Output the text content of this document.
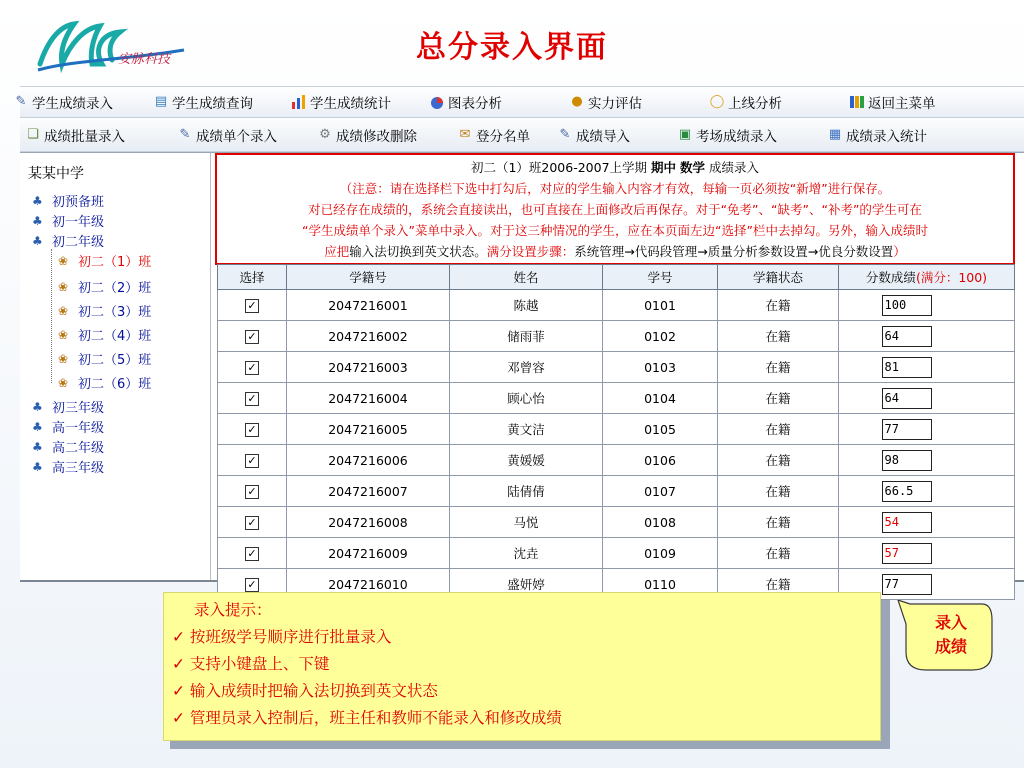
安脉科技	总分录入界面
✎ 学生成绩录入	▤ 学生成绩查询	学生成绩统计	图表分析	● 实力评估	◯ 上线分析	返回主菜单
❏ 成绩批量录入	✎ 成绩单个录入	⚙ 成绩修改删除	✉ 登分名单 ✎ 成绩导入	▣ 考场成绩录入	▦ 成绩录入统计
某某中学
♣ 初预备班
♣ 初一年级
♣ 初二年级
❀ 初二（1）班
❀ 初二（2）班
❀ 初二（3）班
❀ 初二（4）班
❀ 初二（5）班
❀ 初二（6）班
♣ 初三年级
♣ 高一年级
♣ 高二年级
♣ 高三年级
初二（1）班2006-2007上学期 期中 数学 成绩录入
（注意：请在选择栏下选中打勾后，对应的学生输入内容才有效，每输一页必须按“新增”进行保存。
对已经存在成绩的，系统会直接读出，也可直接在上面修改后再保存。对于“免考”、“缺考”、“补考”的学生可在
“学生成绩单个录入”菜单中录入。对于这三种情况的学生，应在本页面左边“选择”栏中去掉勾。另外，输入成绩时
应把输入法切换到英文状态。满分设置步骤：系统管理→代码段管理→质量分析参数设置→优良分数设置）
选择	学籍号	姓名	学号	学籍状态	分数成绩(满分：100)
✓	2047216001	陈越	0101	在籍	100
✓	2047216002	储雨菲	0102	在籍	64
✓	2047216003	邓曾容	0103	在籍	81
✓	2047216004	顾心怡	0104	在籍	64
✓	2047216005	黄文洁	0105	在籍	77
✓	2047216006	黄媛媛	0106	在籍	98
✓	2047216007	陆倩倩	0107	在籍	66.5
✓	2047216008	马悦	0108	在籍	54
✓	2047216009	沈垚	0109	在籍	57
✓	2047216010	盛妍婷	0110	在籍	77
录入提示：
✓ 按班级学号顺序进行批量录入
✓ 支持小键盘上、下键
✓ 输入成绩时把输入法切换到英文状态
✓ 管理员录入控制后，班主任和教师不能录入和修改成绩
录入
成绩
